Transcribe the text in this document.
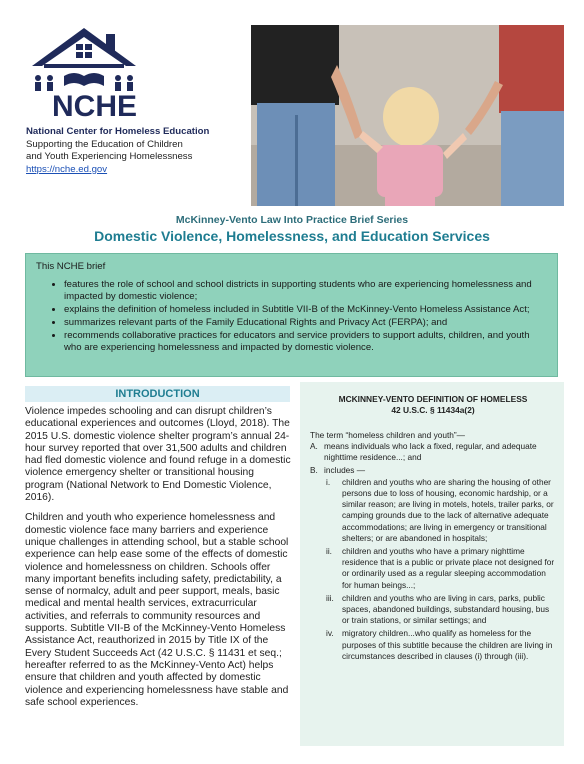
NCHE
National Center for Homeless Education
Supporting the Education of Children
and Youth Experiencing Homelessness
https://nche.ed.gov
McKinney-Vento Law Into Practice Brief Series
Domestic Violence, Homelessness, and Education Services
This NCHE brief
• features the role of school and school districts in supporting students who are experiencing homelessness and impacted by domestic violence;
• explains the definition of homeless included in Subtitle VII-B of the McKinney-Vento Homeless Assistance Act;
• summarizes relevant parts of the Family Educational Rights and Privacy Act (FERPA); and
• recommends collaborative practices for educators and service providers to support adults, children, and youth who are experiencing homelessness and impacted by domestic violence.
INTRODUCTION

Violence impedes schooling and can disrupt children’s educational experiences and outcomes (Lloyd, 2018). The 2015 U.S. domestic violence shelter program’s annual 24-hour survey reported that over 31,500 adults and children had fled domestic violence and found refuge in a domestic violence emergency shelter or transitional housing program (National Network to End Domestic Violence, 2016).

Children and youth who experience homelessness and domestic violence face many barriers and experience unique challenges in attending school, but a stable school experience can help ease some of the effects of domestic violence and homelessness on children. Schools offer many important benefits including safety, predictability, a sense of normalcy, adult and peer support, meals, basic medical and mental health services, extracurricular activities, and referrals to community resources and supports. Subtitle VII-B of the McKinney-Vento Homeless Assistance Act, reauthorized in 2015 by Title IX of the Every Student Succeeds Act (42 U.S.C. § 11431 et seq.; hereafter referred to as the McKinney-Vento Act) helps ensure that children and youth affected by domestic violence and experiencing homelessness have stable and safe school experiences.

MCKINNEY-VENTO DEFINITION OF HOMELESS
42 U.S.C. § 11434a(2)
The term “homeless children and youth”—
A. means individuals who lack a fixed, regular, and adequate nighttime residence...; and
B. includes —
i.	children and youths who are sharing the housing of other persons due to loss of housing, economic hardship, or a similar reason; are living in motels, hotels, trailer parks, or camping grounds due to the lack of alternative adequate accommodations; are living in emergency or transitional shelters; or are abandoned in hospitals;
ii.	children and youths who have a primary nighttime residence that is a public or private place not designed for or ordinarily used as a regular sleeping accommodation for human beings...;
iii. children and youths who are living in cars, parks, public spaces, abandoned buildings, substandard housing, bus or train stations, or similar settings; and
iv.	migratory children...who qualify as homeless for the purposes of this subtitle because the children are living in circumstances described in clauses (i) through (iii).
